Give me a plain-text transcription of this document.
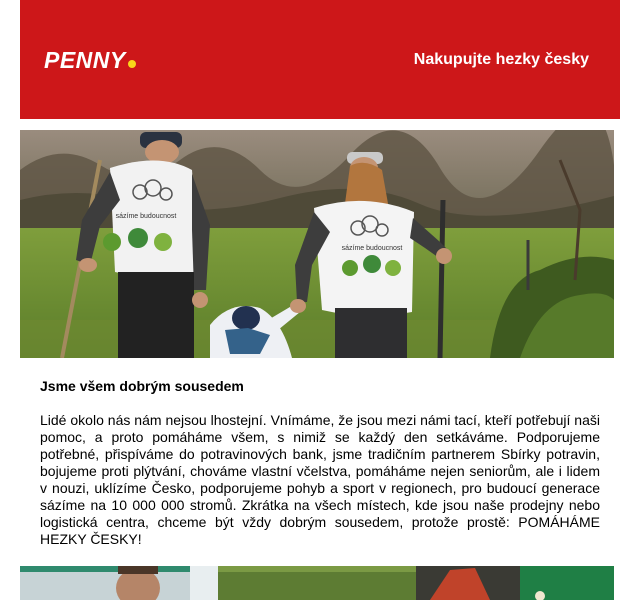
PENNY	Nakupujte hezky česky
sázíme budoucnost
sázíme budoucnost
Jsme všem dobrým sousedem

Lidé okolo nás nám nejsou lhostejní. Vnímáme, že jsou mezi námi tací, kteří potřebují naši pomoc, a proto pomáháme všem, s nimiž se každý den setkáváme. Podporujeme potřebné, přispíváme do potravinových bank, jsme tradičním partnerem Sbírky potravin, bojujeme proti plýtvání, chováme vlastní včelstva, pomáháme nejen seniorům, ale i lidem v nouzi, uklízíme Česko, podporujeme pohyb a sport v regionech, pro budoucí generace sázíme na 10 000 000 stromů. Zkrátka na všech místech, kde jsou naše prodejny nebo logistická centra, chceme být vždy dobrým sousedem, protože prostě: POMÁHÁME HEZKY ČESKY!
